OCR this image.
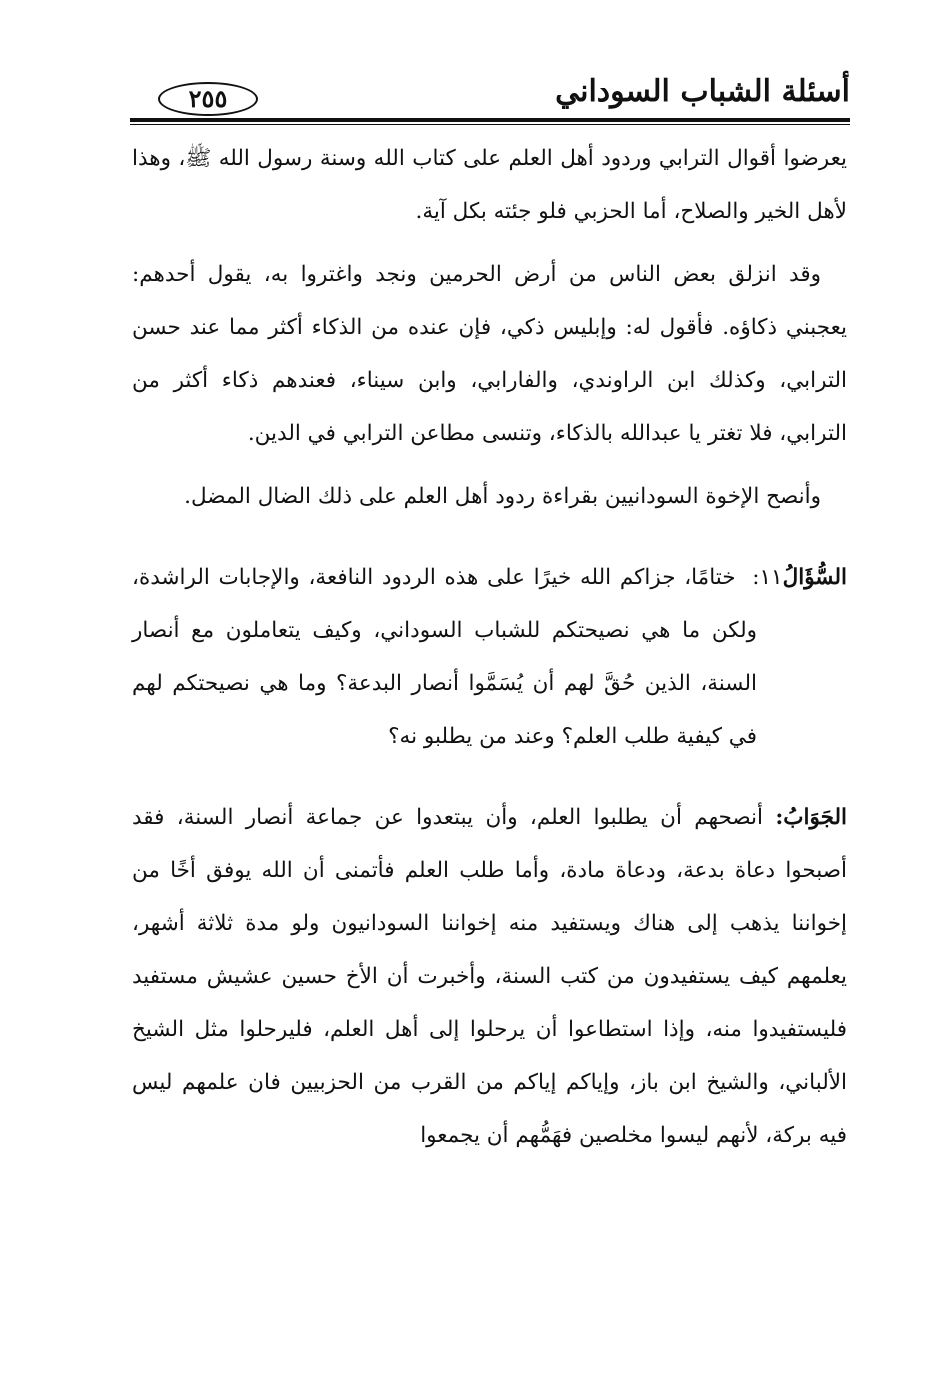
أسئلة الشباب السوداني
٢٥٥

يعرضوا أقوال الترابي وردود أهل العلم على كتاب الله وسنة رسول الله ﷺ، وهذا لأهل الخير والصلاح، أما الحزبي فلو جئته بكل آية.

وقد انزلق بعض الناس من أرض الحرمين ونجد واغتروا به، يقول أحدهم: يعجبني ذكاؤه. فأقول له: وإبليس ذكي، فإن عنده من الذكاء أكثر مما عند حسن الترابي، وكذلك ابن الراوندي، والفارابي، وابن سيناء، فعندهم ذكاء أكثر من الترابي، فلا تغتر يا عبدالله بالذكاء، وتنسى مطاعن الترابي في الدين.

وأنصح الإخوة السودانيين بقراءة ردود أهل العلم على ذلك الضال المضل.

السُّؤَالُ١١: ختامًا، جزاكم الله خيرًا على هذه الردود النافعة، والإجابات الراشدة، ولكن ما هي نصيحتكم للشباب السوداني، وكيف يتعاملون مع أنصار السنة، الذين حُقَّ لهم أن يُسَمَّوا أنصار البدعة؟ وما هي نصيحتكم لهم في كيفية طلب العلم؟ وعند من يطلبو نه؟

الجَوَابُ: أنصحهم أن يطلبوا العلم، وأن يبتعدوا عن جماعة أنصار السنة، فقد أصبحوا دعاة بدعة، ودعاة مادة، وأما طلب العلم فأتمنى أن الله يوفق أخًا من إخواننا يذهب إلى هناك ويستفيد منه إخواننا السودانيون ولو مدة ثلاثة أشهر، يعلمهم كيف يستفيدون من كتب السنة، وأخبرت أن الأخ حسين عشيش مستفيد فليستفيدوا منه، وإذا استطاعوا أن يرحلوا إلى أهل العلم، فليرحلوا مثل الشيخ الألباني، والشيخ ابن باز، وإياكم إياكم من القرب من الحزبيين فان علمهم ليس فيه بركة، لأنهم ليسوا مخلصين فهَمُّهم أن يجمعوا
